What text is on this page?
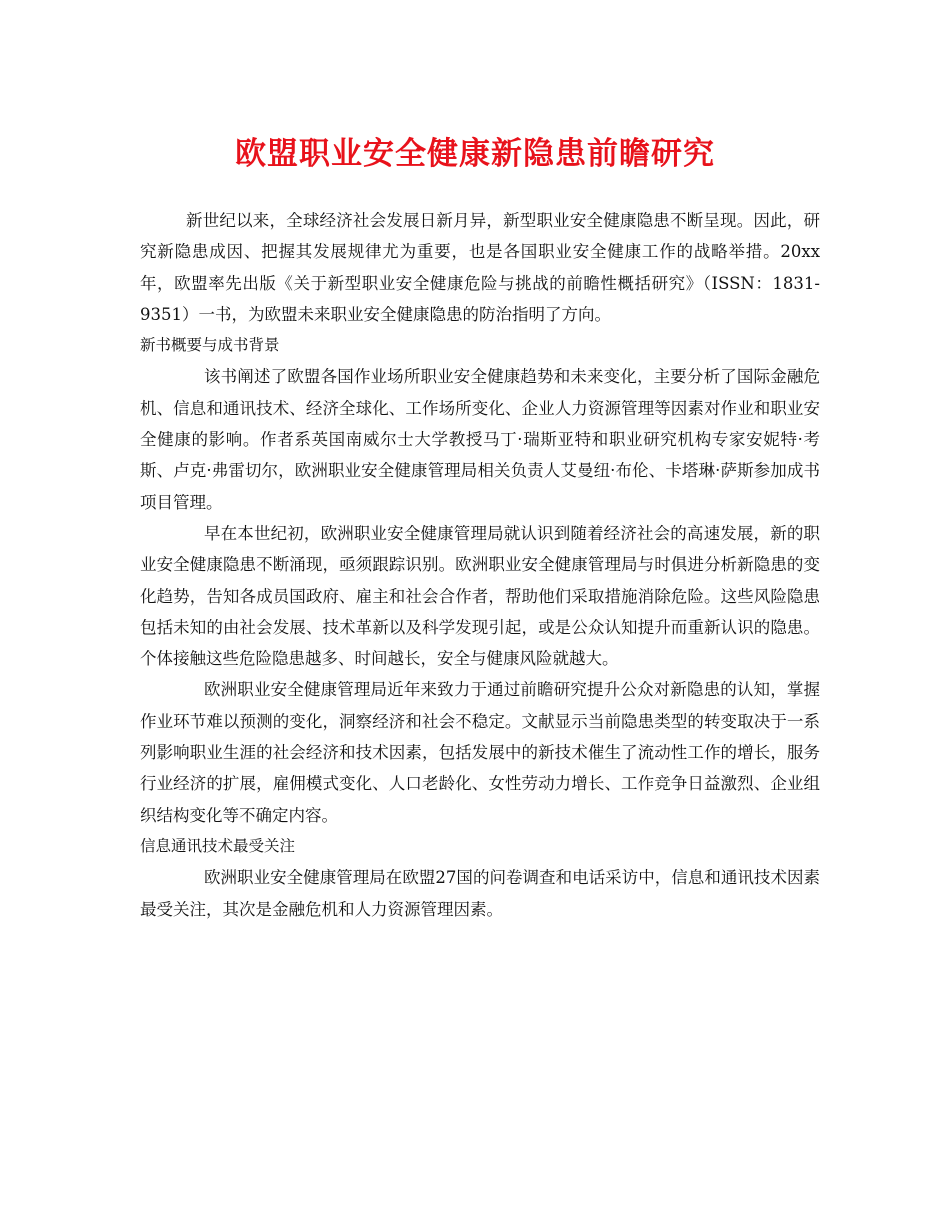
欧盟职业安全健康新隐患前瞻研究

新世纪以来，全球经济社会发展日新月异，新型职业安全健康隐患不断呈现。因此，研究新隐患成因、把握其发展规律尤为重要，也是各国职业安全健康工作的战略举措。20xx年，欧盟率先出版《关于新型职业安全健康危险与挑战的前瞻性概括研究》（ISSN：1831-9351）一书，为欧盟未来职业安全健康隐患的防治指明了方向。

新书概要与成书背景

该书阐述了欧盟各国作业场所职业安全健康趋势和未来变化，主要分析了国际金融危机、信息和通讯技术、经济全球化、工作场所变化、企业人力资源管理等因素对作业和职业安全健康的影响。作者系英国南威尔士大学教授马丁·瑞斯亚特和职业研究机构专家安妮特·考斯、卢克·弗雷切尔，欧洲职业安全健康管理局相关负责人艾曼纽·布伦、卡塔琳·萨斯参加成书项目管理。

早在本世纪初，欧洲职业安全健康管理局就认识到随着经济社会的高速发展，新的职业安全健康隐患不断涌现，亟须跟踪识别。欧洲职业安全健康管理局与时俱进分析新隐患的变化趋势，告知各成员国政府、雇主和社会合作者，帮助他们采取措施消除危险。这些风险隐患包括未知的由社会发展、技术革新以及科学发现引起，或是公众认知提升而重新认识的隐患。个体接触这些危险隐患越多、时间越长，安全与健康风险就越大。

欧洲职业安全健康管理局近年来致力于通过前瞻研究提升公众对新隐患的认知，掌握作业环节难以预测的变化，洞察经济和社会不稳定。文献显示当前隐患类型的转变取决于一系列影响职业生涯的社会经济和技术因素，包括发展中的新技术催生了流动性工作的增长，服务行业经济的扩展，雇佣模式变化、人口老龄化、女性劳动力增长、工作竞争日益激烈、企业组织结构变化等不确定内容。

信息通讯技术最受关注

欧洲职业安全健康管理局在欧盟27国的问卷调查和电话采访中，信息和通讯技术因素最受关注，其次是金融危机和人力资源管理因素。
